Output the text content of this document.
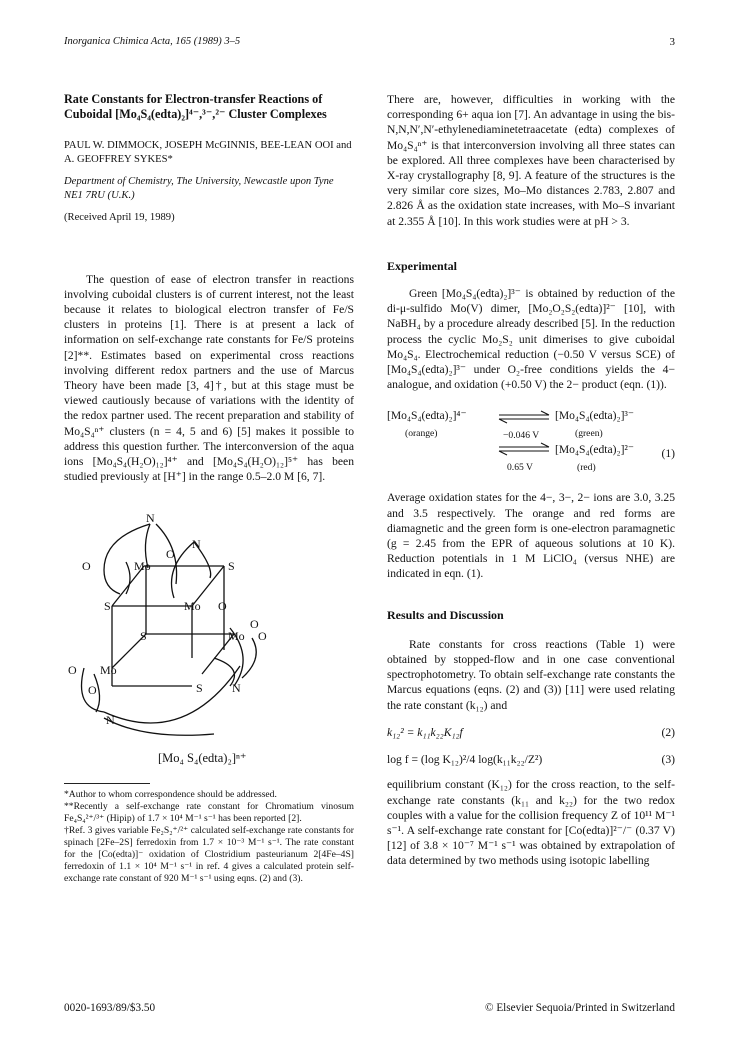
Inorganica Chimica Acta, 165 (1989) 3–5	3

Rate Constants for Electron-transfer Reactions of Cuboidal [Mo₄S₄(edta)₂]⁴⁻,³⁻,²⁻ Cluster Complexes

PAUL W. DIMMOCK, JOSEPH McGINNIS, BEE-LEAN OOI and A. GEOFFREY SYKES*

Department of Chemistry, The University, Newcastle upon Tyne NE1 7RU (U.K.)

(Received April 19, 1989)

The question of ease of electron transfer in reactions involving cuboidal clusters is of current interest, not the least because it relates to biological electron transfer of Fe/S clusters in proteins [1]. There is at present a lack of information on self-exchange rate constants for Fe/S proteins [2]**. Estimates based on experimental cross reactions involving different redox partners and the use of Marcus Theory have been made [3, 4]†, but at this stage must be viewed cautiously because of variations with the identity of the redox partner used. The recent preparation and stability of Mo₄S₄ⁿ⁺ clusters (n = 4, 5 and 6) [5] makes it possible to address this question further. The interconversion of the aqua ions [Mo₄S₄(H₂O)₁₂]⁴⁺ and [Mo₄S₄(H₂O)₁₂]⁵⁺ has been studied previously at [H⁺] in the range 0.5–2.0 M [6, 7].

N
N
O
O	Mo	S
S	Mo O
O
S	Mo O
O Mo
S
O	N
N
[Mo₄ S₄(edta)₂]ⁿ⁺

*Author to whom correspondence should be addressed.

**Recently a self-exchange rate constant for Chromatium vinosum Fe₄S₄²⁺/³⁺ (Hipip) of 1.7 × 10⁴ M⁻¹ s⁻¹ has been reported [2].

†Ref. 3 gives variable Fe₂S₂⁺/²⁺ calculated self-exchange rate constants for spinach [2Fe–2S] ferredoxin from 1.7 × 10⁻³ M⁻¹ s⁻¹. The rate constant for the [Co(edta)]⁻ oxidation of Clostridium pasteurianum 2[4Fe–4S] ferredoxin of 1.1 × 10⁴ M⁻¹ s⁻¹ in ref. 4 gives a calculated protein self-exchange rate constant of 920 M⁻¹ s⁻¹ using eqns. (2) and (3).

There are, however, difficulties in working with the corresponding 6+ aqua ion [7]. An advantage in using the bis-N,N,N′,N′-ethylenediaminetetraacetate (edta) complexes of Mo₄S₄ⁿ⁺ is that interconversion involving all three states can be explored. All three complexes have been characterised by X-ray crystallography [8, 9]. A feature of the structures is the very similar core sizes, Mo–Mo distances 2.783, 2.807 and 2.826 Å as the oxidation state increases, with Mo–S invariant at 2.355 Å [10]. In this work studies were at pH > 3.

Experimental

Green [Mo₄S₄(edta)₂]³⁻ is obtained by reduction of the di-μ-sulfido Mo(V) dimer, [Mo₂O₂S₂(edta)]²⁻ [10], with NaBH₄ by a procedure already described [5]. In the reduction process the cyclic Mo₂S₂ unit dimerises to give cuboidal Mo₄S₄. Electrochemical reduction (−0.50 V versus SCE) of [Mo₄S₄(edta)₂]³⁻ under O₂-free conditions yields the 4− analogue, and oxidation (+0.50 V) the 2− product (eqn. (1)).

[Mo₄S₄(edta)₂]⁴⁻
(orange)	−0.046 V
[Mo₄S₄(edta)₂]³⁻
(green)
0.65 V
[Mo₄S₄(edta)₂]²⁻
(red)
(1)

Average oxidation states for the 4−, 3−, 2− ions are 3.0, 3.25 and 3.5 respectively. The orange and red forms are diamagnetic and the green form is one-electron paramagnetic (g = 2.45 from the EPR of aqueous solutions at 10 K). Reduction potentials in 1 M LiClO₄ (versus NHE) are indicated in eqn. (1).

Results and Discussion

Rate constants for cross reactions (Table 1) were obtained by stopped-flow and in one case conventional spectrophotometry. To obtain self-exchange rate constants the Marcus equations (eqns. (2) and (3)) [11] were used relating the rate constant (k₁₂) and

k₁₂² = k₁₁k₂₂K₁₂f	(2)
log f = (log K₁₂)²/4 log(k₁₁k₂₂/Z²)	(3)

equilibrium constant (K₁₂) for the cross reaction, to the self-exchange rate constants (k₁₁ and k₂₂) for the two redox couples with a value for the collision frequency Z of 10¹¹ M⁻¹ s⁻¹. A self-exchange rate constant for [Co(edta)]²⁻/⁻ (0.37 V) [12] of 3.8 × 10⁻⁷ M⁻¹ s⁻¹ was obtained by extrapolation of data determined by two methods using isotopic labelling

0020-1693/89/$3.50	© Elsevier Sequoia/Printed in Switzerland
